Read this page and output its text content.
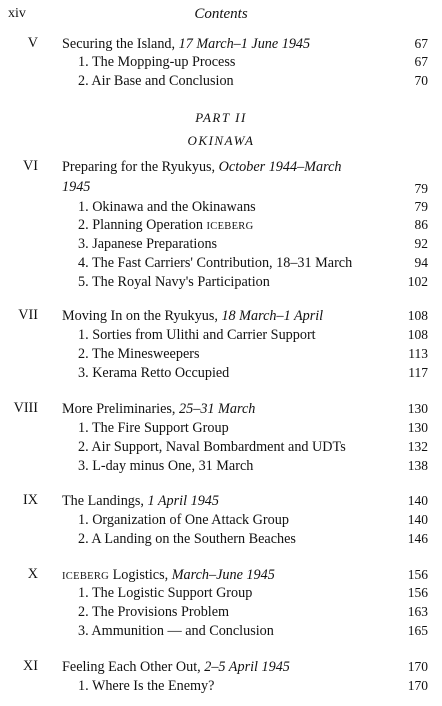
xiv	Contents
V Securing the Island, 17 March–1 June 1945	67
1. The Mopping-up Process	67
2. Air Base and Conclusion	70
PART II
OKINAWA
VI Preparing for the Ryukyus, October 1944–March
1945	79
1. Okinawa and the Okinawans	79
2. Planning Operation ICEBERG	86
3. Japanese Preparations	92
4. The Fast Carriers' Contribution, 18–31 March	94
5. The Royal Navy's Participation	102
VII Moving In on the Ryukyus, 18 March–1 April	108
1. Sorties from Ulithi and Carrier Support	108
2. The Minesweepers	113
3. Kerama Retto Occupied	117
VIII More Preliminaries, 25–31 March	130
1. The Fire Support Group	130
2. Air Support, Naval Bombardment and UDTs	132
3. L-day minus One, 31 March	138
IX The Landings, 1 April 1945	140
1. Organization of One Attack Group	140
2. A Landing on the Southern Beaches	146
X ICEBERG Logistics, March–June 1945	156
1. The Logistic Support Group	156
2. The Provisions Problem	163
3. Ammunition — and Conclusion	165
XI Feeling Each Other Out, 2–5 April 1945	170
1. Where Is the Enemy?	170
